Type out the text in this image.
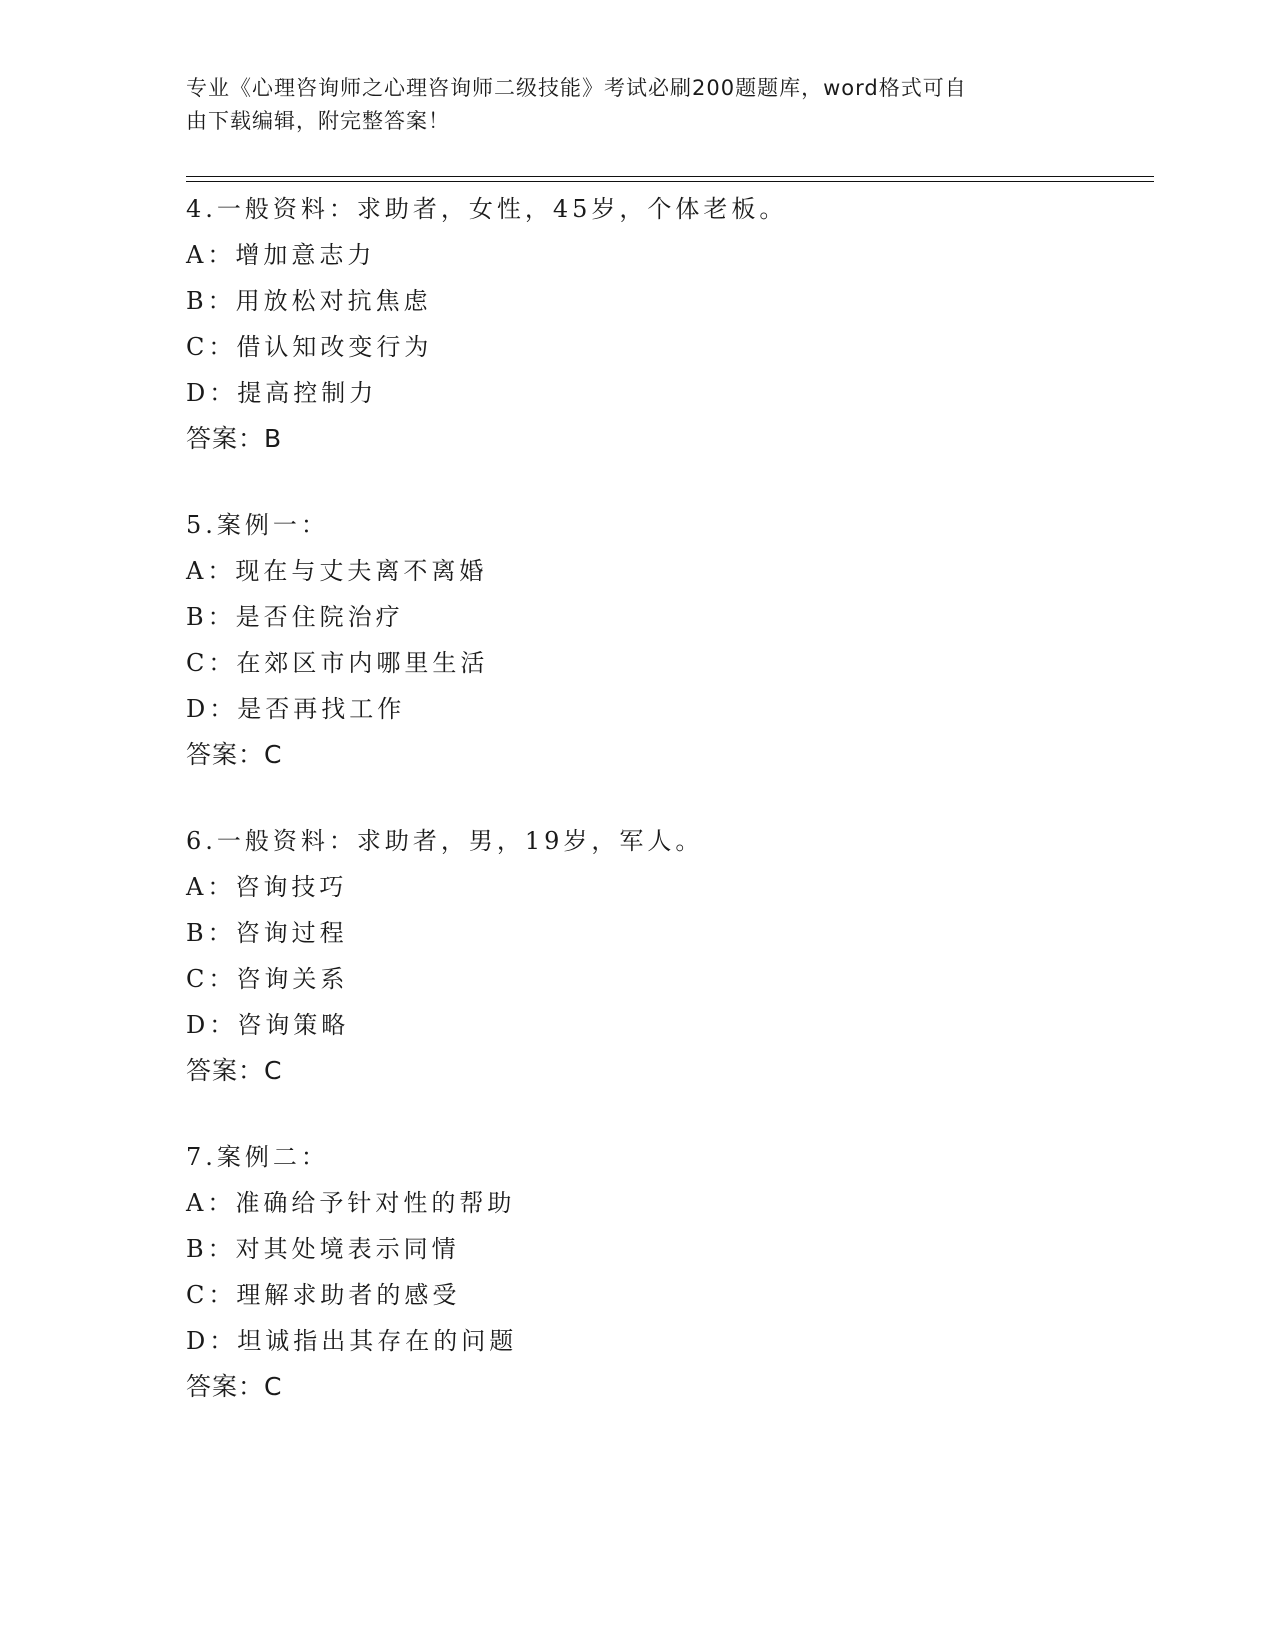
专业《心理咨询师之心理咨询师二级技能》考试必刷200题题库，word格式可自
由下载编辑，附完整答案！
4.一般资料：求助者，女性，45岁，个体老板。
A：增加意志力
B：用放松对抗焦虑
C：借认知改变行为
D：提高控制力
答案：B
5.案例一：
A：现在与丈夫离不离婚
B：是否住院治疗
C：在郊区市内哪里生活
D：是否再找工作
答案：C
6.一般资料：求助者，男，19岁，军人。
A：咨询技巧
B：咨询过程
C：咨询关系
D：咨询策略
答案：C
7.案例二：
A：准确给予针对性的帮助
B：对其处境表示同情
C：理解求助者的感受
D：坦诚指出其存在的问题
答案：C
